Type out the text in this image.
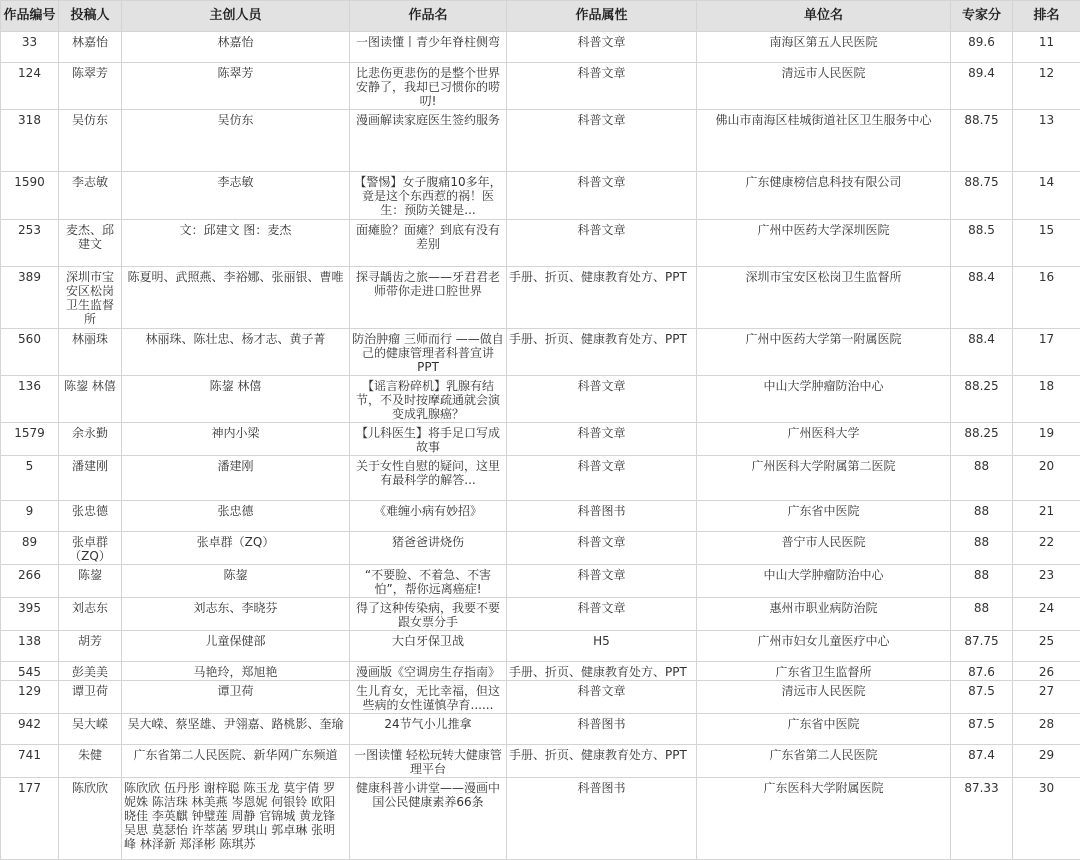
作品编号	投稿人	主创人员	作品名	作品属性	单位名	专家分	排名
33	林嘉怡	林嘉怡	一图读懂丨青少年脊柱侧弯	科普文章	南海区第五人民医院	89.6	11
124	陈翠芳	陈翠芳	比悲伤更悲伤的是整个世界安静了，我却已习惯你的唠叨!	科普文章	清远市人民医院	89.4	12
318	吴仿东	吴仿东	漫画解读家庭医生签约服务	科普文章	佛山市南海区桂城街道社区卫生服务中心	88.75	13
1590	李志敏	李志敏	【警惕】女子腹痛10多年，竟是这个东西惹的祸！医生：预防关键是...	科普文章	广东健康榜信息科技有限公司	88.75	14
253	麦杰、邱建文	文：邱建文 图：麦杰	面瘫脸？面瘫？到底有没有差别	科普文章	广州中医药大学深圳医院	88.5	15
389	深圳市宝安区松岗卫生监督所	陈夏明、武照燕、李裕娜、张丽银、曹唯	探寻龋齿之旅——牙君君老师带你走进口腔世界	手册、折页、健康教育处方、PPT	深圳市宝安区松岗卫生监督所	88.4	16
560	林丽珠	林丽珠、陈壮忠、杨才志、黄子菁	防治肿瘤 三师而行 ——做自己的健康管理者科普宣讲PPT	手册、折页、健康教育处方、PPT	广州中医药大学第一附属医院	88.4	17
136	陈鋆 林僖	陈鋆 林僖	【谣言粉碎机】乳腺有结节，不及时按摩疏通就会演变成乳腺癌？	科普文章	中山大学肿瘤防治中心	88.25	18
1579	余永勤	神内小梁	【儿科医生】将手足口写成故事	科普文章	广州医科大学	88.25	19
5	潘建刚	潘建刚	关于女性自慰的疑问，这里有最科学的解答...	科普文章	广州医科大学附属第二医院	88	20
9	张忠德	张忠德	《难缠小病有妙招》	科普图书	广东省中医院	88	21
89	张卓群（ZQ）	张卓群（ZQ）	猪爸爸讲烧伤	科普文章	普宁市人民医院	88	22
266	陈鋆	陈鋆	“不要脸、不着急、不害怕”，帮你远离癌症!	科普文章	中山大学肿瘤防治中心	88	23
395	刘志东	刘志东、李晓芬	得了这种传染病，我要不要跟女票分手	科普文章	惠州市职业病防治院	88	24
138	胡芳	儿童保健部	大白牙保卫战	H5	广州市妇女儿童医疗中心	87.75	25
545	彭美美	马艳玲，郑旭艳	漫画版《空调房生存指南》	手册、折页、健康教育处方、PPT	广东省卫生监督所	87.6	26
129	谭卫荷	谭卫荷	生儿育女，无比幸福，但这些病的女性谨慎孕育......	科普文章	清远市人民医院	87.5	27
942	吴大嵘	吴大嵘、蔡坚雄、尹翎嘉、路桃影、奎瑜	24节气小儿推拿	科普图书	广东省中医院	87.5	28
741	朱健	广东省第二人民医院、新华网广东频道	一图读懂 轻松玩转大健康管理平台	手册、折页、健康教育处方、PPT	广东省第二人民医院	87.4	29
177	陈欣欣	陈欣欣 伍丹彤 谢梓聪 陈玉龙 莫宇倩 罗妮姝 陈洁珠 林美燕 岑恩妮 何银铃 欧阳晓佳 李英麒 钟璧莲 周静 官锦城 黄龙锋 吴思 莫瑟怡 许萃菡 罗琪山 郭卓琳 张明峰 林泽新 郑泽彬 陈琪苏	健康科普小讲堂——漫画中国公民健康素养66条	科普图书	广东医科大学附属医院	87.33	30
